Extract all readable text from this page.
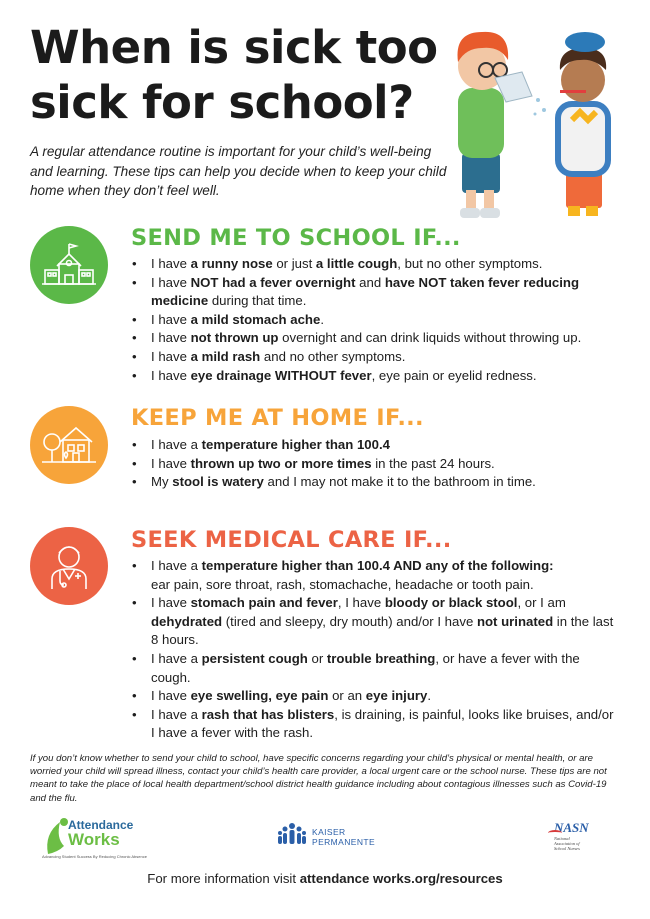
When is sick too
sick for school?
A regular attendance routine is important for your child’s well-being and learning. These tips can help you decide when to keep your child home when they don’t feel well.
SEND ME TO SCHOOL IF...
• I have a runny nose or just a little cough, but no other symptoms.
• I have NOT had a fever overnight and have NOT taken fever reducing medicine during that time.
• I have a mild stomach ache.
• I have not thrown up overnight and can drink liquids without throwing up.
• I have a mild rash and no other symptoms.
• I have eye drainage WITHOUT fever, eye pain or eyelid redness.
KEEP ME AT HOME IF...
• I have a temperature higher than 100.4
• I have thrown up two or more times in the past 24 hours.
• My stool is watery and I may not make it to the bathroom in time.
SEEK MEDICAL CARE IF...
• I have a temperature higher than 100.4 AND any of the following:
ear pain, sore throat, rash, stomachache, headache or tooth pain.
• I have stomach pain and fever, I have bloody or black stool, or I am dehydrated (tired and sleepy, dry mouth) and/or I have not urinated in the last 8 hours.
• I have a persistent cough or trouble breathing, or have a fever with the cough.
• I have eye swelling, eye pain or an eye injury.
• I have a rash that has blisters, is draining, is painful, looks like bruises, and/or I have a fever with the rash.
If you don’t know whether to send your child to school, have specific concerns regarding your child’s physical or mental health, or are worried your child will spread illness, contact your child’s health care provider, a local urgent care or the school nurse. These tips are not meant to take the place of local health department/school district health guidance including about contagious illnesses such as Covid-19 and the flu.
Attendance
Works
Advancing Student Success By Reducing Chronic Absence
KAISER
PERMANENTE
NASN
National
Association of
School Nurses
For more information visit attendance works.org/resources
